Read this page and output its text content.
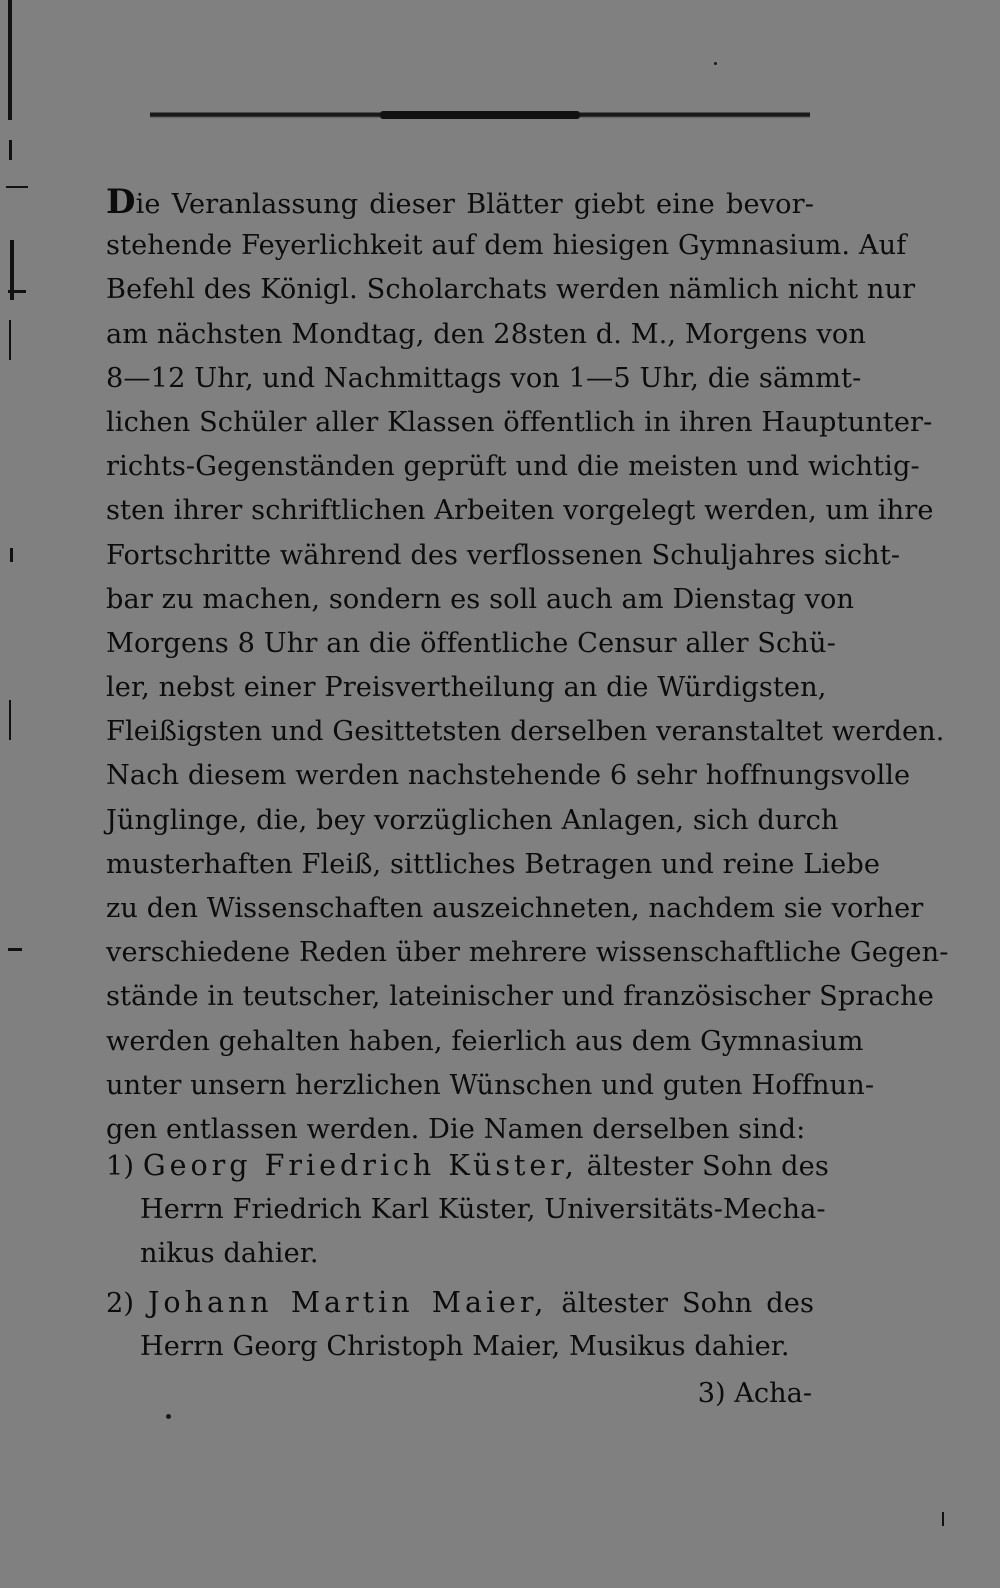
Die Veranlassung dieser Blätter giebt eine bevor-
stehende Feyerlichkeit auf dem hiesigen Gymnasium. Auf
Befehl des Königl. Scholarchats werden nämlich nicht nur
am nächsten Mondtag, den 28sten d. M., Morgens von
8—12 Uhr, und Nachmittags von 1—5 Uhr, die sämmt-
lichen Schüler aller Klassen öffentlich in ihren Hauptunter-
richts-Gegenständen geprüft und die meisten und wichtig-
sten ihrer schriftlichen Arbeiten vorgelegt werden, um ihre
Fortschritte während des verflossenen Schuljahres sicht-
bar zu machen, sondern es soll auch am Dienstag von
Morgens 8 Uhr an die öffentliche Censur aller Schü-
ler, nebst einer Preisvertheilung an die Würdigsten,
Fleißigsten und Gesittetsten derselben veranstaltet werden.
Nach diesem werden nachstehende 6 sehr hoffnungsvolle
Jünglinge, die, bey vorzüglichen Anlagen, sich durch
musterhaften Fleiß, sittliches Betragen und reine Liebe
zu den Wissenschaften auszeichneten, nachdem sie vorher
verschiedene Reden über mehrere wissenschaftliche Gegen-
stände in teutscher, lateinischer und französischer Sprache
werden gehalten haben, feierlich aus dem Gymnasium
unter unsern herzlichen Wünschen und guten Hoffnun-
gen entlassen werden. Die Namen derselben sind:
1) Georg Friedrich Küster, ältester Sohn des
Herrn Friedrich Karl Küster, Universitäts-Mecha-
nikus dahier.
2) Johann Martin Maier, ältester Sohn des
Herrn Georg Christoph Maier, Musikus dahier.
3) Acha-
